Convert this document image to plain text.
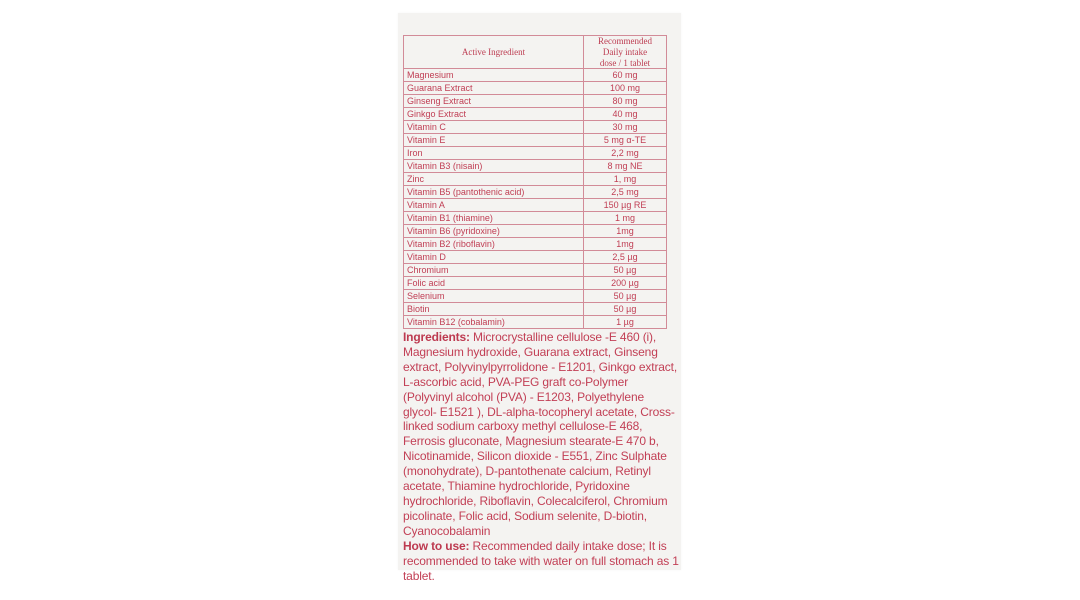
Active Ingredient	Recommended
Daily intake
dose / 1 tablet

Magnesium	60 mg
Guarana Extract	100 mg
Ginseng Extract	80 mg
Ginkgo Extract	40 mg
Vitamin C	30 mg
Vitamin E	5 mg α-TE
Iron	2,2 mg
Vitamin B3 (nisain)	8 mg NE
Zinc	1, mg
Vitamin B5 (pantothenic acid)	2,5 mg
Vitamin A	150 µg RE
Vitamin B1 (thiamine)	1 mg
Vitamin B6 (pyridoxine)	1mg
Vitamin B2 (riboflavin)	1mg
Vitamin D	2,5 µg
Chromium	50 µg
Folic acid	200 µg
Selenium	50 µg
Biotin	50 µg
Vitamin B12 (cobalamin)	1 µg

Ingredients: Microcrystalline cellulose -E 460 (i), Magnesium hydroxide, Guarana extract, Ginseng extract, Polyvinylpyrrolidone - E1201, Ginkgo extract, L-ascorbic acid, PVA-PEG graft co-Polymer (Polyvinyl alcohol (PVA) - E1203, Polyethylene glycol- E1521 ), DL-alpha-tocopheryl acetate, Cross-linked sodium carboxy methyl cellulose-E 468, Ferrosis gluconate, Magnesium stearate-E 470 b, Nicotinamide, Silicon dioxide - E551, Zinc Sulphate (monohydrate), D-pantothenate calcium, Retinyl acetate, Thiamine hydrochloride, Pyridoxine hydrochloride, Riboflavin, Colecalciferol, Chromium picolinate, Folic acid, Sodium selenite, D-biotin, Cyanocobalamin

How to use: Recommended daily intake dose; It is recommended to take with water on full stomach as 1 tablet.
